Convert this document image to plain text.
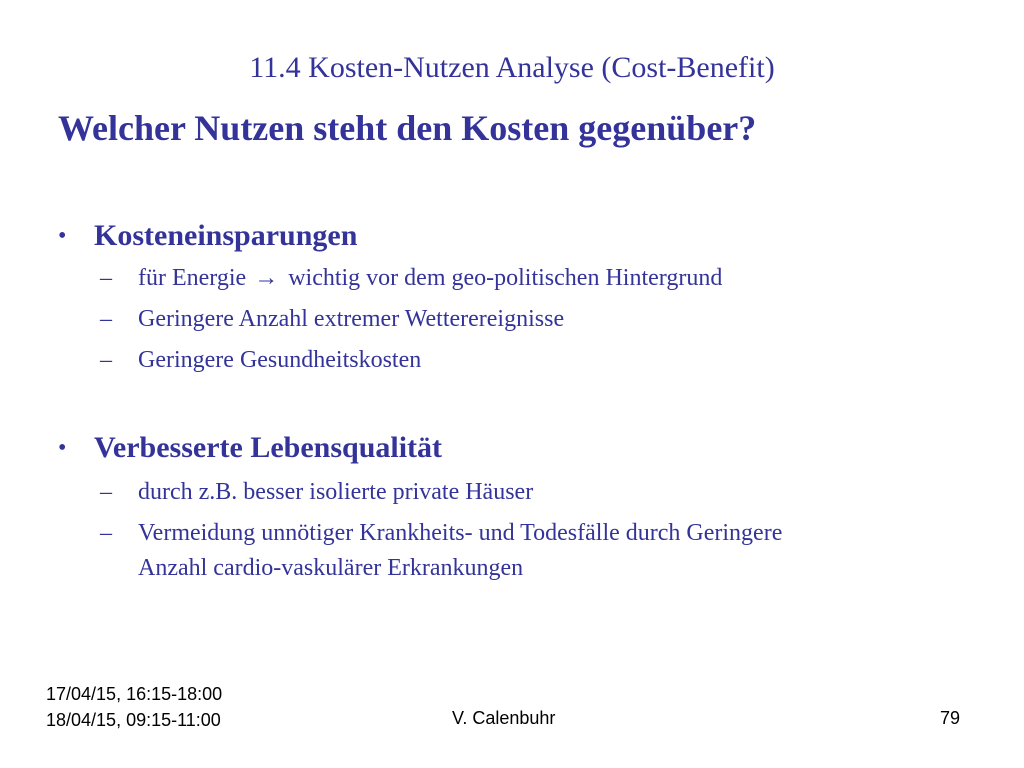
11.4 Kosten-Nutzen Analyse (Cost-Benefit)
Welcher Nutzen steht den Kosten gegenüber?
• Kosteneinsparungen
–	für Energie → wichtig vor dem geo-politischen Hintergrund
–	Geringere Anzahl extremer Wetterereignisse
–	Geringere Gesundheitskosten
• Verbesserte Lebensqualität
–	durch z.B. besser isolierte private Häuser
–	Vermeidung unnötiger Krankheits- und Todesfälle durch Geringere
Anzahl cardio-vaskulärer Erkrankungen
17/04/15, 16:15-18:00
18/04/15, 09:15-11:00	V. Calenbuhr	79
